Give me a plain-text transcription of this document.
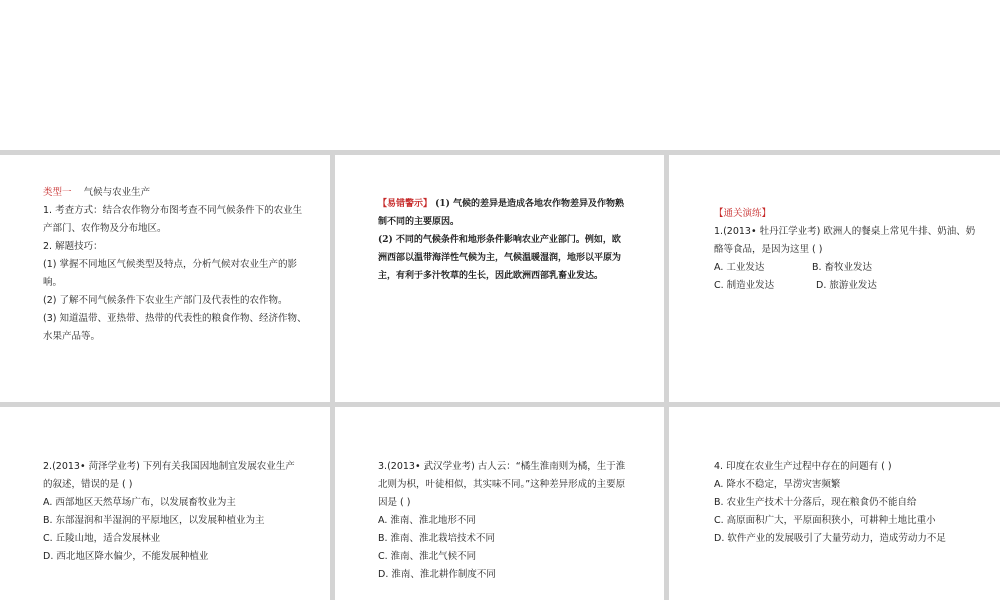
类型一 气候与农业生产

1. 考查方式：结合农作物分布图考查不同气候条件下的农业生

产部门、农作物及分布地区。

2. 解题技巧：

(1) 掌握不同地区气候类型及特点，分析气候对农业生产的影

响。

(2) 了解不同气候条件下农业生产部门及代表性的农作物。

(3) 知道温带、亚热带、热带的代表性的粮食作物、经济作物、

水果产品等。

【易错警示】 (1) 气候的差异是造成各地农作物差异及作物熟

制不同的主要原因。

(2) 不同的气候条件和地形条件影响农业产业部门。例如，欧

洲西部以温带海洋性气候为主，气候温暖湿润，地形以平原为

主，有利于多汁牧草的生长，因此欧洲西部乳畜业发达。

【通关演练】

1.(2013• 牡丹江学业考) 欧洲人的餐桌上常见牛排、奶油、奶

酪等食品，是因为这里 ( )

A. 工业发达	B. 畜牧业发达

C. 制造业发达	D. 旅游业发达

2.(2013• 菏泽学业考) 下列有关我国因地制宜发展农业生产

的叙述，错误的是 ( )

A. 西部地区天然草场广布，以发展畜牧业为主

B. 东部湿润和半湿润的平原地区，以发展种植业为主

C. 丘陵山地，适合发展林业

D. 西北地区降水偏少，不能发展种植业

3.(2013• 武汉学业考) 古人云：“橘生淮南则为橘，生于淮

北则为枳，叶徒相似，其实味不同。”这种差异形成的主要原

因是 ( )

A. 淮南、淮北地形不同

B. 淮南、淮北栽培技术不同

C. 淮南、淮北气候不同

D. 淮南、淮北耕作制度不同

4. 印度在农业生产过程中存在的问题有 ( )

A. 降水不稳定，旱涝灾害频繁

B. 农业生产技术十分落后，现在粮食仍不能自给

C. 高原面积广大，平原面积狭小，可耕种土地比重小

D. 软件产业的发展吸引了大量劳动力，造成劳动力不足
